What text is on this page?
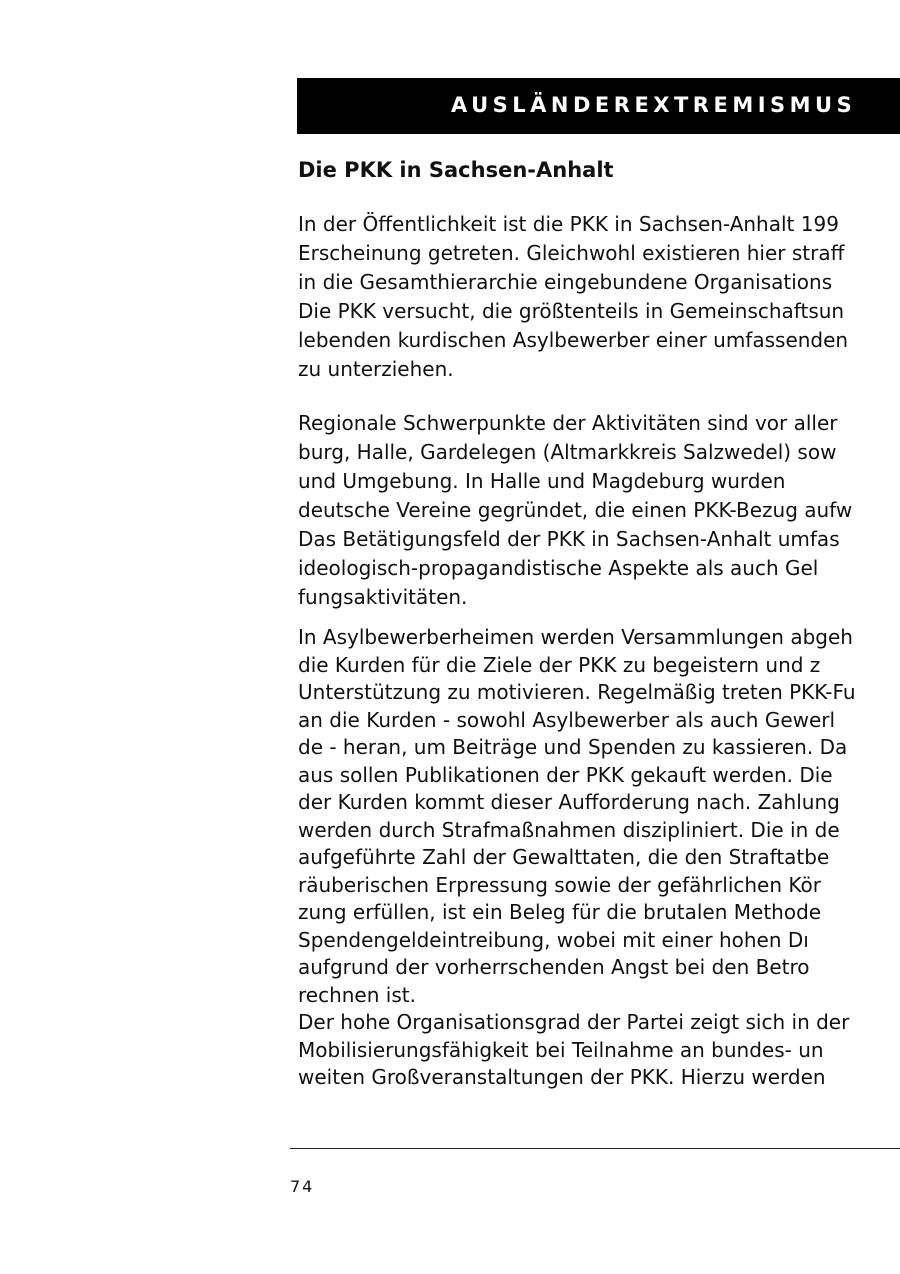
AUSLÄNDEREXTREMISMUS
Die PKK in Sachsen-Anhalt
In der Öffentlichkeit ist die PKK in Sachsen-Anhalt 199
Erscheinung getreten. Gleichwohl existieren hier straff
in die Gesamthierarchie eingebundene Organisations
Die PKK versucht, die größtenteils in Gemeinschaftsun
lebenden kurdischen Asylbewerber einer umfassenden
zu unterziehen.
Regionale Schwerpunkte der Aktivitäten sind vor aller
burg, Halle, Gardelegen (Altmarkkreis Salzwedel) sow
und Umgebung. In Halle und Magdeburg wurden
deutsche Vereine gegründet, die einen PKK-Bezug aufw
Das Betätigungsfeld der PKK in Sachsen-Anhalt umfas
ideologisch-propagandistische Aspekte als auch Gel
fungsaktivitäten.
In Asylbewerberheimen werden Versammlungen abgeh
die Kurden für die Ziele der PKK zu begeistern und z
Unterstützung zu motivieren. Regelmäßig treten PKK-Fu
an die Kurden - sowohl Asylbewerber als auch Gewerl
de - heran, um Beiträge und Spenden zu kassieren. Da
aus sollen Publikationen der PKK gekauft werden. Die
der Kurden kommt dieser Aufforderung nach. Zahlung
werden durch Strafmaßnahmen diszipliniert. Die in de
aufgeführte Zahl der Gewalttaten, die den Straftatbe
räuberischen Erpressung sowie der gefährlichen Kör
zung erfüllen, ist ein Beleg für die brutalen Methode
Spendengeldeintreibung, wobei mit einer hohen Dı
aufgrund der vorherrschenden Angst bei den Betro
rechnen ist.
Der hohe Organisationsgrad der Partei zeigt sich in der
Mobilisierungsfähigkeit bei Teilnahme an bundes- un
weiten Großveranstaltungen der PKK. Hierzu werden
74
